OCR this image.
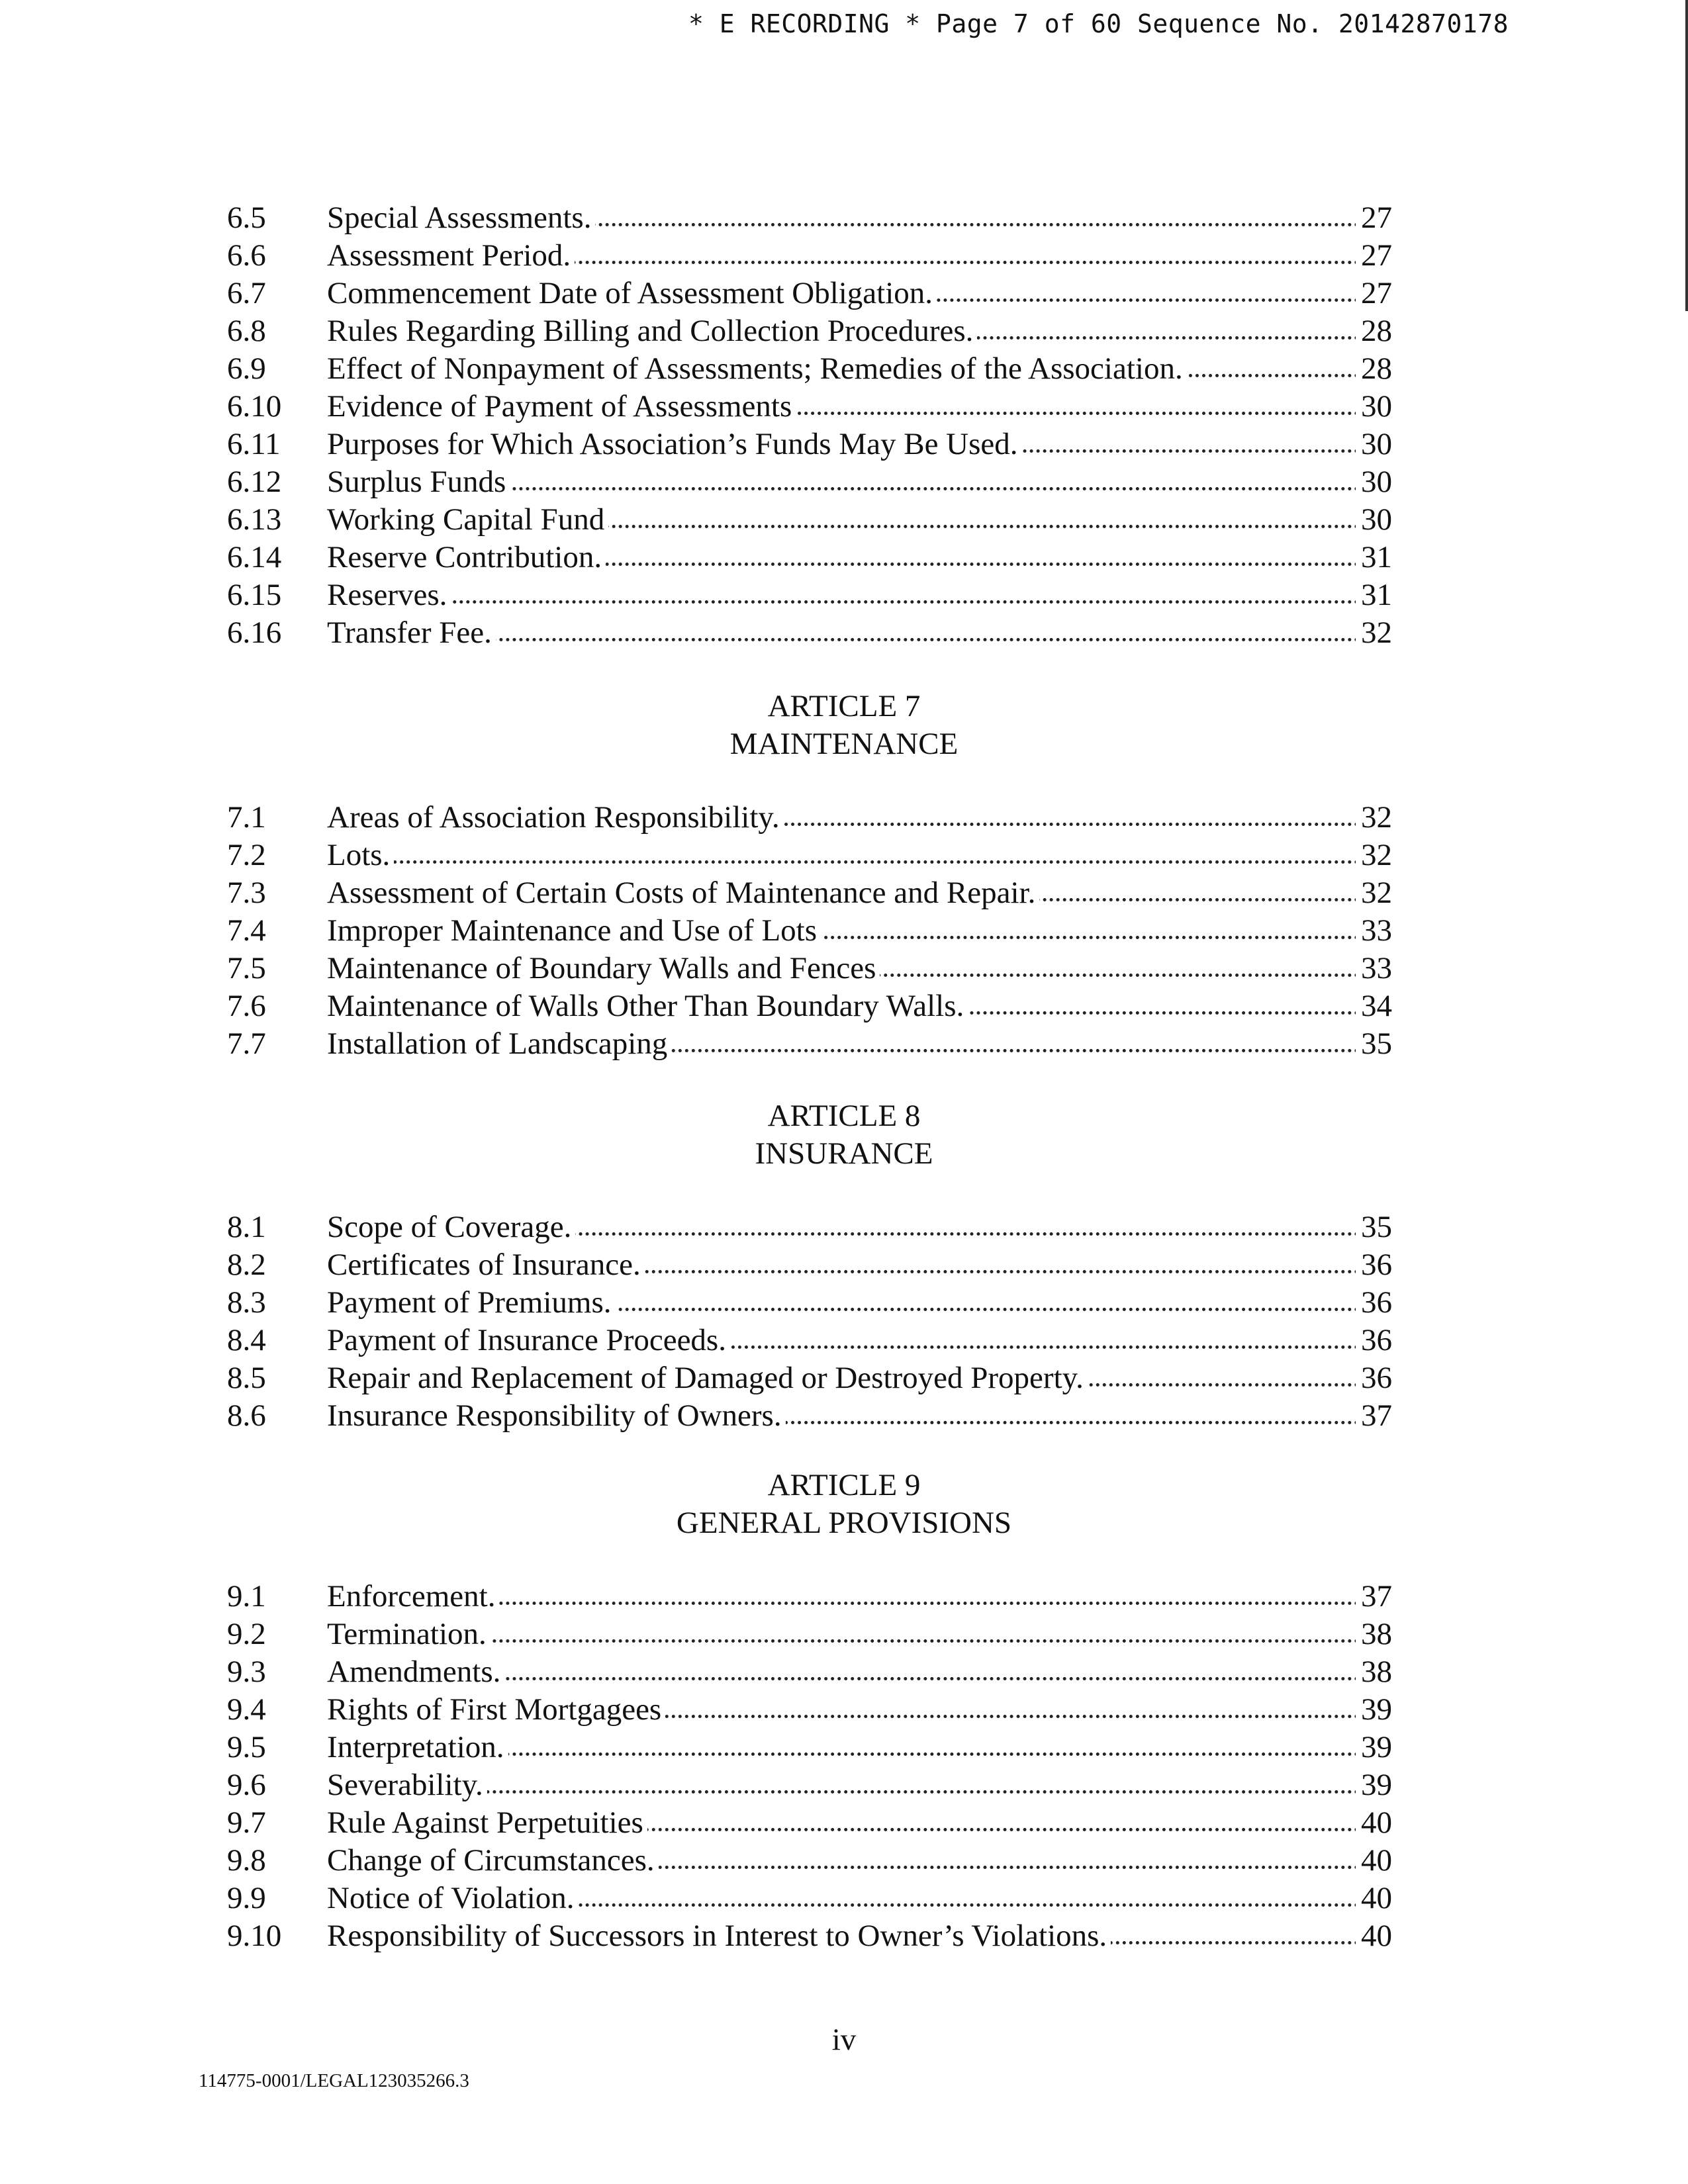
* E RECORDING * Page 7 of 60 Sequence No. 20142870178
6.5	Special Assessments.	27
6.6	Assessment Period.	27
6.7	Commencement Date of Assessment Obligation.	27
6.8	Rules Regarding Billing and Collection Procedures.	28
6.9	Effect of Nonpayment of Assessments; Remedies of the Association.	28
6.10	Evidence of Payment of Assessments	30
6.11	Purposes for Which Association’s Funds May Be Used.	30
6.12	Surplus Funds	30
6.13	Working Capital Fund	30
6.14	Reserve Contribution.	31
6.15	Reserves.	31
6.16	Transfer Fee.	32
ARTICLE 7
MAINTENANCE
7.1	Areas of Association Responsibility.	32
7.2	Lots.	32
7.3	Assessment of Certain Costs of Maintenance and Repair.	32
7.4	Improper Maintenance and Use of Lots	33
7.5	Maintenance of Boundary Walls and Fences	33
7.6	Maintenance of Walls Other Than Boundary Walls.	34
7.7	Installation of Landscaping	35
ARTICLE 8
INSURANCE
8.1	Scope of Coverage.	35
8.2	Certificates of Insurance.	36
8.3	Payment of Premiums.	36
8.4	Payment of Insurance Proceeds.	36
8.5	Repair and Replacement of Damaged or Destroyed Property.	36
8.6	Insurance Responsibility of Owners.	37
ARTICLE 9
GENERAL PROVISIONS
9.1	Enforcement.	37
9.2	Termination.	38
9.3	Amendments.	38
9.4	Rights of First Mortgagees	39
9.5	Interpretation.	39
9.6	Severability.	39
9.7	Rule Against Perpetuities	40
9.8	Change of Circumstances.	40
9.9	Notice of Violation.	40
9.10	Responsibility of Successors in Interest to Owner’s Violations.	40
iv
114775-0001/LEGAL123035266.3
